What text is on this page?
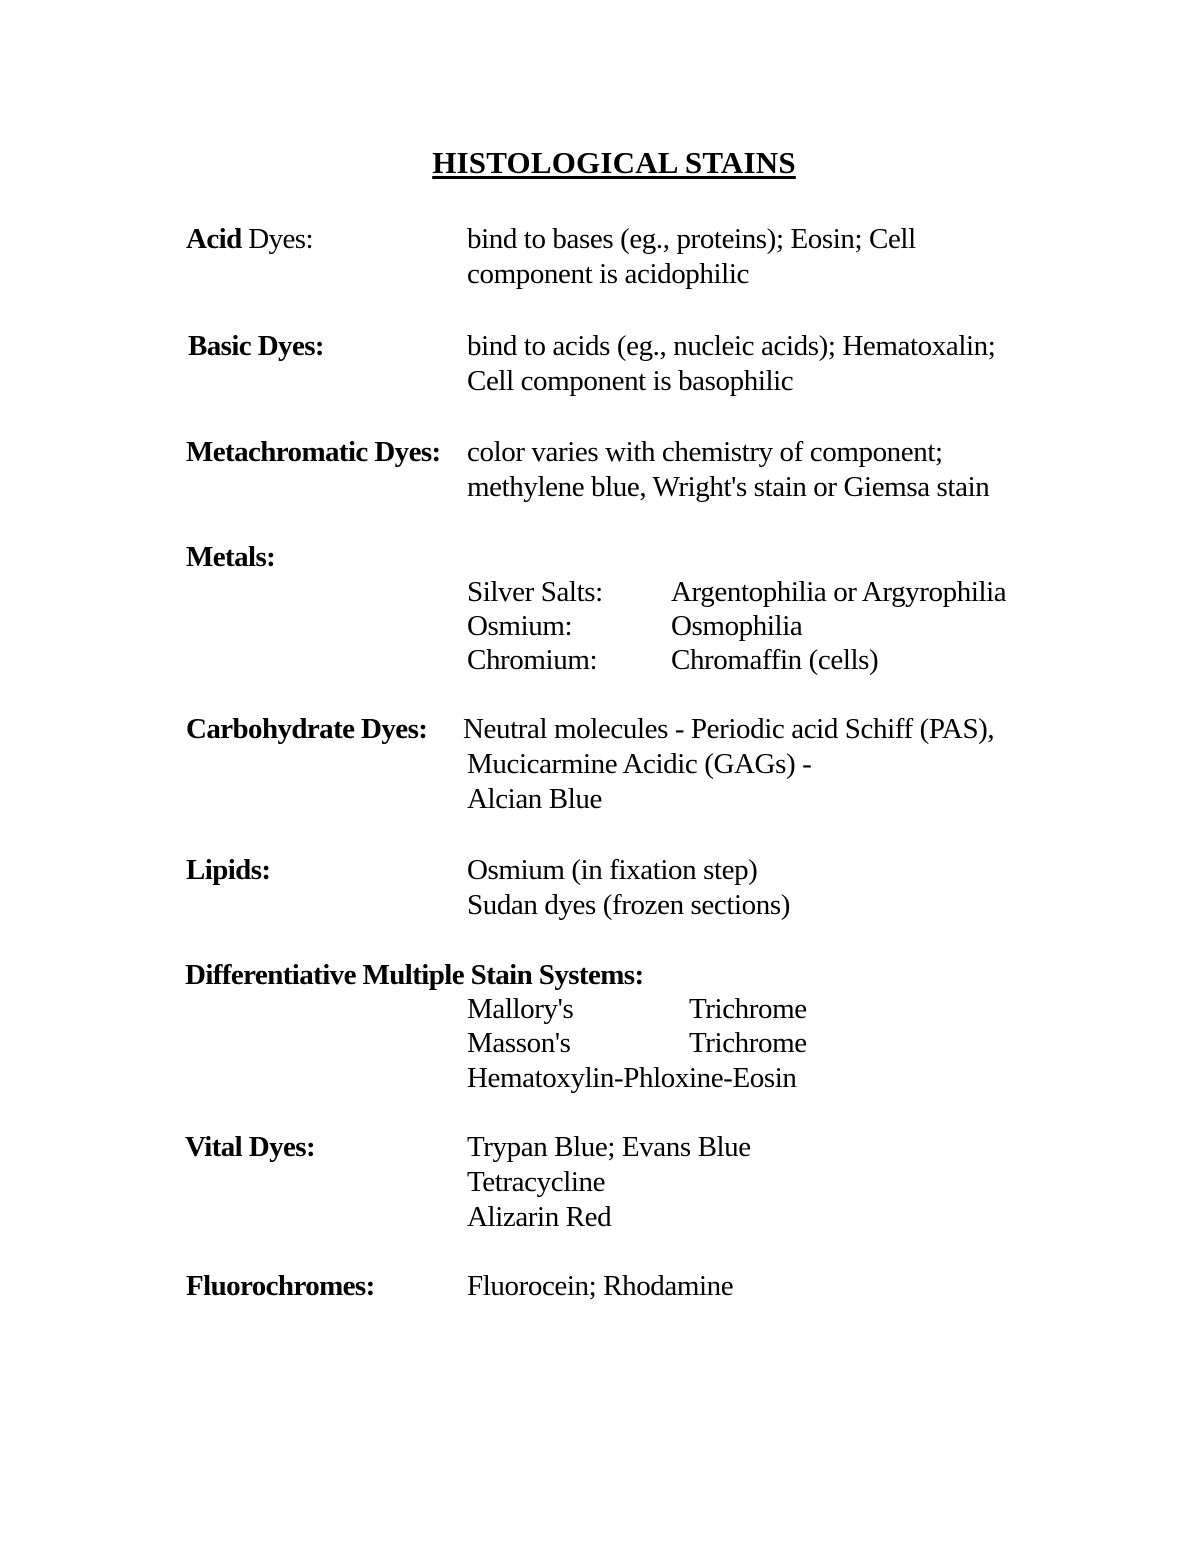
HISTOLOGICAL STAINS
Acid Dyes:	bind to bases (eg., proteins); Eosin; Cell
component is acidophilic
Basic Dyes:	bind to acids (eg., nucleic acids); Hematoxalin;
Cell component is basophilic
Metachromatic Dyes: color varies with chemistry of component;
methylene blue, Wright's stain or Giemsa stain
Metals:
Silver Salts: Argentophilia or Argyrophilia
Osmium:	Osmophilia
Chromium:	Chromaffin (cells)
Carbohydrate Dyes: Neutral molecules - Periodic acid Schiff (PAS),
Mucicarmine Acidic (GAGs) -
Alcian Blue
Lipids:	Osmium (in fixation step)
Sudan dyes (frozen sections)
Differentiative Multiple Stain Systems:
Mallory's	Trichrome
Masson's	Trichrome
Hematoxylin-Phloxine-Eosin
Vital Dyes:	Trypan Blue; Evans Blue
Tetracycline
Alizarin Red
Fluorochromes:	Fluorocein; Rhodamine
